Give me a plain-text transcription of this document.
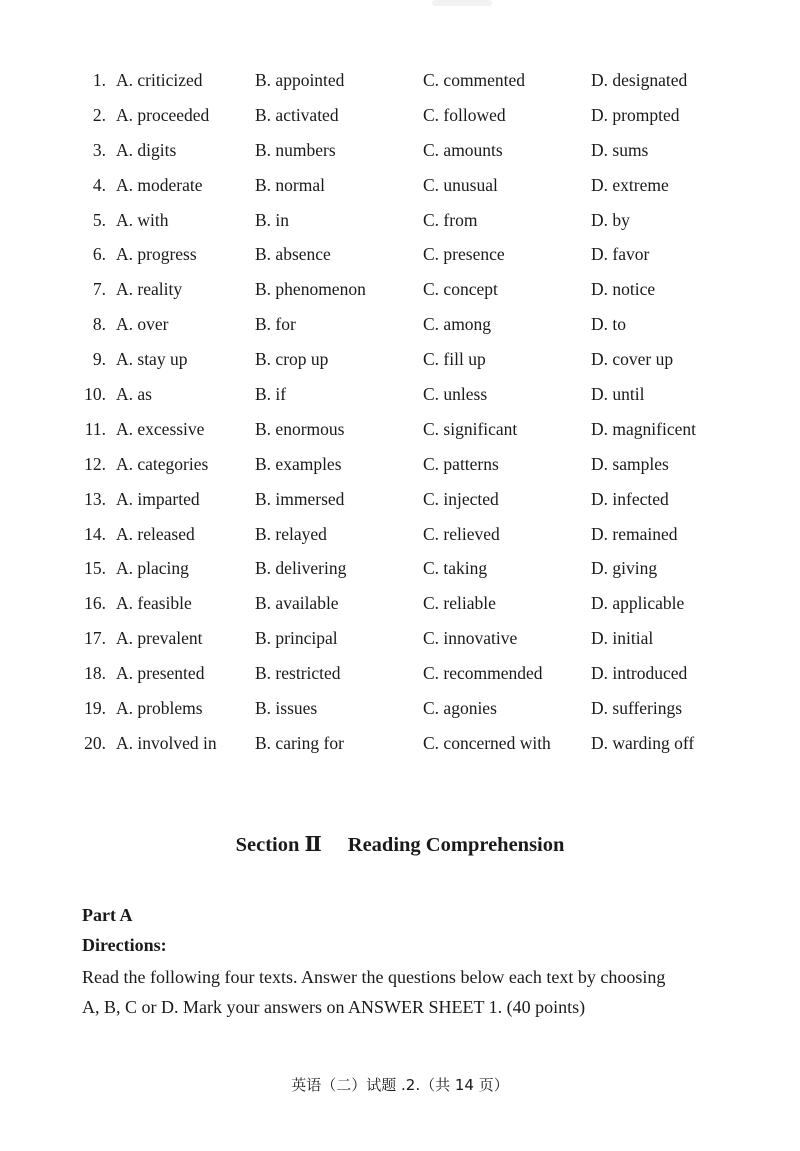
1. A. criticized	B. appointed	C. commented	D. designated
2. A. proceeded	B. activated	C. followed	D. prompted
3. A. digits	B. numbers	C. amounts	D. sums
4. A. moderate	B. normal	C. unusual	D. extreme
5. A. with	B. in	C. from	D. by
6. A. progress	B. absence	C. presence	D. favor
7. A. reality	B. phenomenon	C. concept	D. notice
8. A. over	B. for	C. among	D. to
9. A. stay up	B. crop up	C. fill up	D. cover up
10. A. as	B. if	C. unless	D. until
11. A. excessive	B. enormous	C. significant	D. magnificent
12. A. categories	B. examples	C. patterns	D. samples
13. A. imparted	B. immersed	C. injected	D. infected
14. A. released	B. relayed	C. relieved	D. remained
15. A. placing	B. delivering	C. taking	D. giving
16. A. feasible	B. available	C. reliable	D. applicable
17. A. prevalent	B. principal	C. innovative	D. initial
18. A. presented	B. restricted	C. recommended	D. introduced
19. A. problems	B. issues	C. agonies	D. sufferings
20. A. involved in B. caring for	C. concerned with D. warding off
Section Ⅱ Reading Comprehension
Part A
Directions:
Read the following four texts. Answer the questions below each text by choosing
A, B, C or D. Mark your answers on ANSWER SHEET 1. (40 points)
英语（二）试题 .2.（共 14 页）
